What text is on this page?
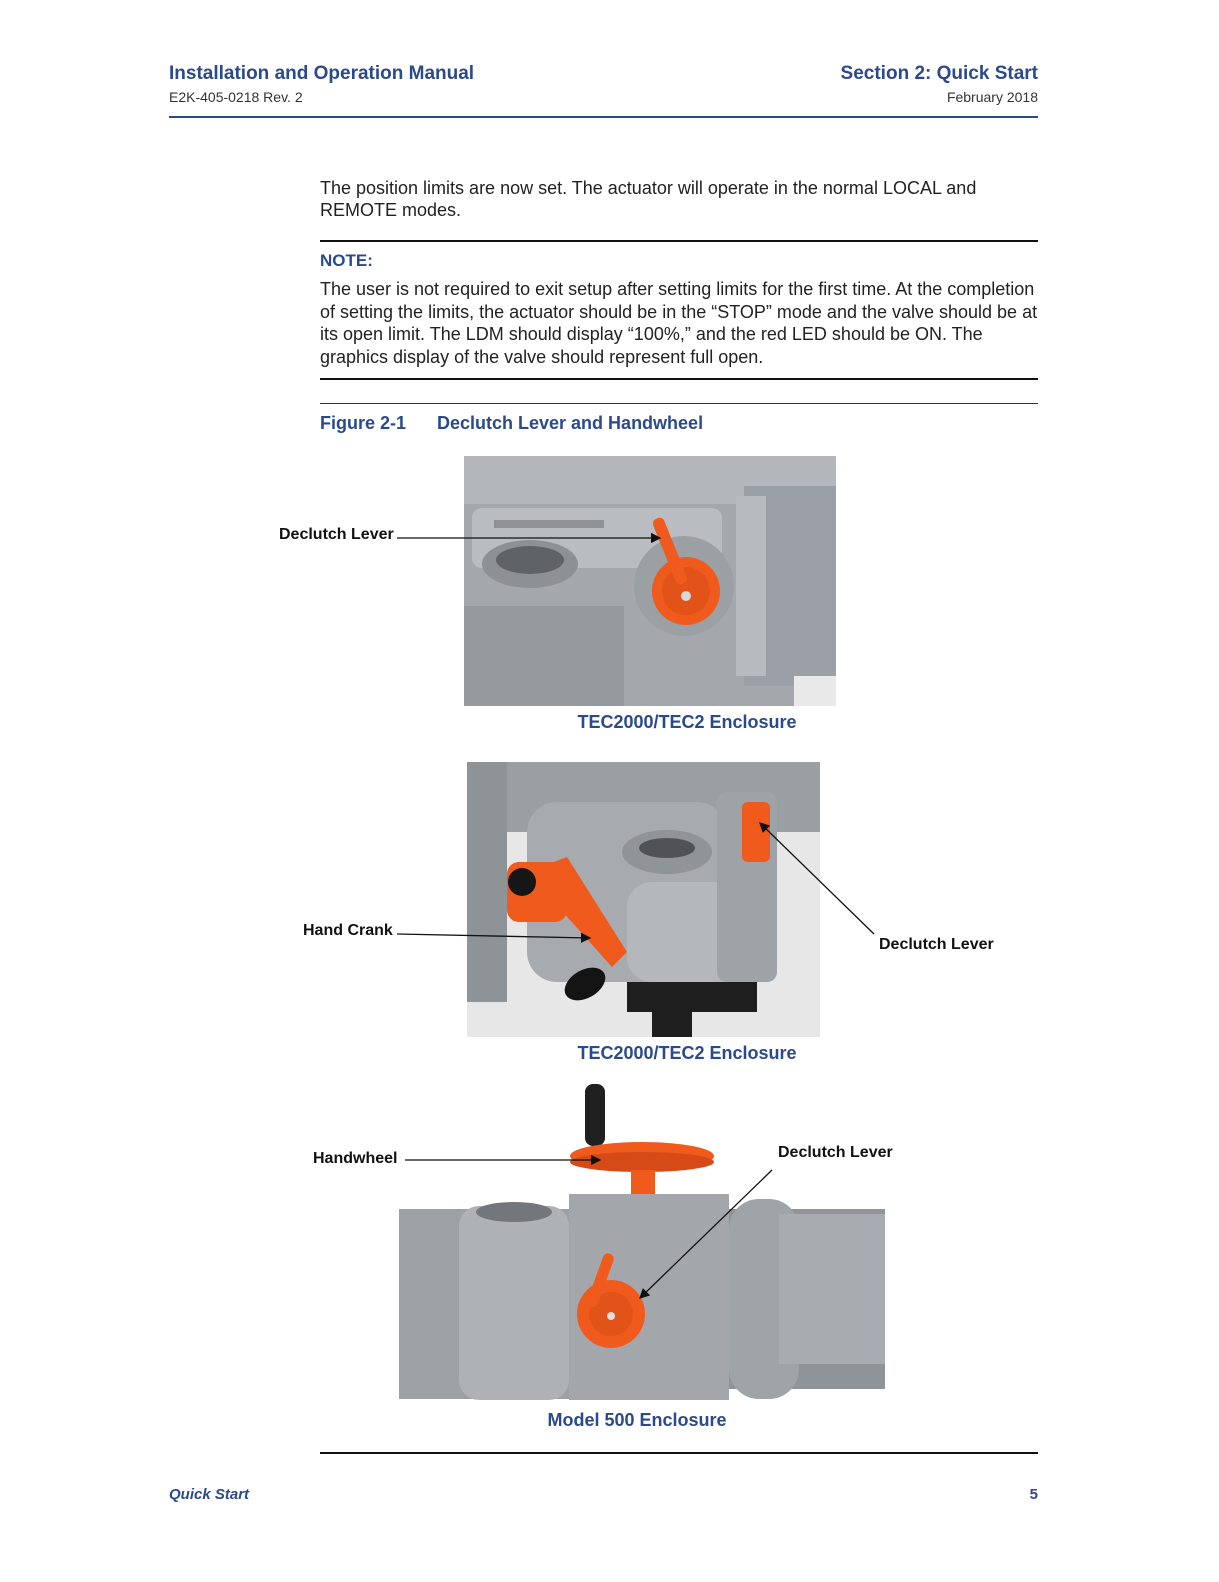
Installation and Operation Manual
E2K-405-0218 Rev. 2
Section 2: Quick Start
February 2018
The position limits are now set. The actuator will operate in the normal LOCAL and REMOTE modes.
NOTE:
The user is not required to exit setup after setting limits for the first time. At the completion of setting the limits, the actuator should be in the “STOP” mode and the valve should be at its open limit. The LDM should display “100%,” and the red LED should be ON. The graphics display of the valve should represent full open.
Figure 2-1 Declutch Lever and Handwheel
TEC2000/TEC2 Enclosure
Declutch Lever
TEC2000/TEC2 Enclosure
Hand Crank
Declutch Lever
Model 500 Enclosure
Handwheel	Declutch Lever
Quick Start	5
